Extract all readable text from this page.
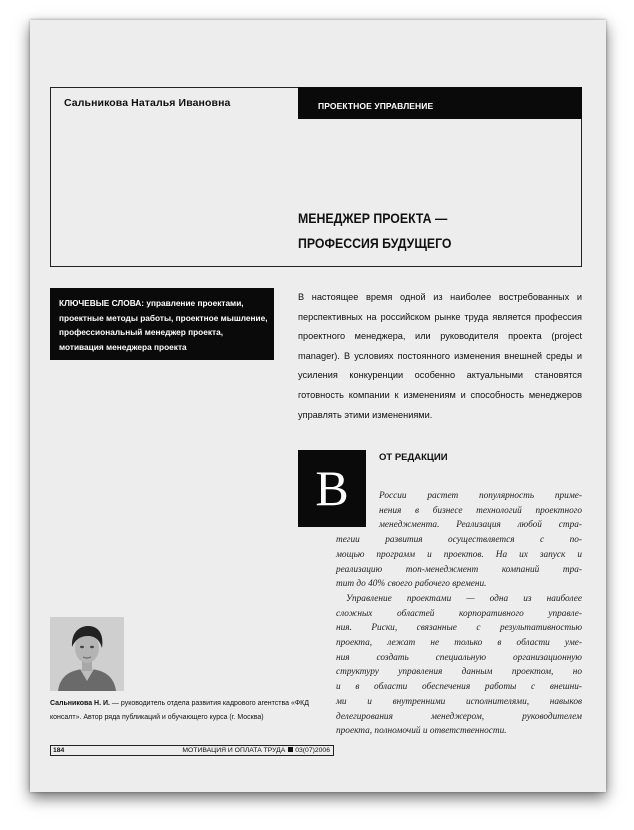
Сальникова Наталья Ивановна	ПРОЕКТНОЕ УПРАВЛЕНИЕ
МЕНЕДЖЕР ПРОЕКТА —
ПРОФЕССИЯ БУДУЩЕГО
КЛЮЧЕВЫЕ СЛОВА: управление проектами, проектные методы работы, проектное мышление, профессиональный менеджер проекта, мотивация менеджера проекта
В настоящее время одной из наиболее востребованных и перспективных на российском рынке труда является профессия проектного менеджера, или руководителя проекта (project manager). В условиях постоянного изменения внешней среды и усиления конкуренции особенно актуальными становятся готовность компании к изменениям и способность менеджеров управлять этими изменениями.
В
ОТ РЕДАКЦИИ
России растет популярность приме-
нения в бизнесе технологий проектного
менеджмента. Реализация любой стра-
тегии развития осуществляется с по-
мощью программ и проектов. На их запуск и
реализацию топ-менеджмент компаний тра-
тит до 40% своего рабочего времени.
Управление проектами — одна из наиболее
сложных областей корпоративного управле-
ния. Риски, связанные с результативностью
проекта, лежат не только в области уме-
ния создать специальную организационную
структуру управления данным проектом, но
и в области обеспечения работы с внешни-
ми и внутренними исполнителями, навыков
делегирования менеджером, руководителем
проекта, полномочий и ответственности.
Сальникова Н. И. — руководитель отдела развития кадрового агентства «ФКД консалт». Автор ряда публикаций и обучающего курса (г. Москва)
184	МОТИВАЦИЯ И ОПЛАТА ТРУДА 03(07)2006
